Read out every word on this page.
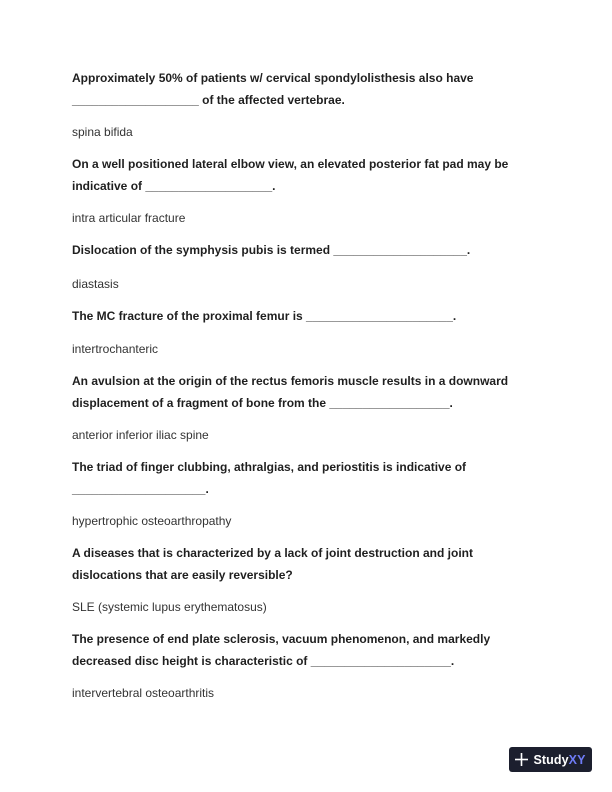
Approximately 50% of patients w/ cervical spondylolisthesis also have
___________________ of the affected vertebrae.

spina bifida

On a well positioned lateral elbow view, an elevated posterior fat pad may be
indicative of ___________________.

intra articular fracture

Dislocation of the symphysis pubis is termed ____________________.

diastasis

The MC fracture of the proximal femur is ______________________.

intertrochanteric

An avulsion at the origin of the rectus femoris muscle results in a downward
displacement of a fragment of bone from the __________________.

anterior inferior iliac spine

The triad of finger clubbing, athralgias, and periostitis is indicative of
____________________.

hypertrophic osteoarthropathy

A diseases that is characterized by a lack of joint destruction and joint
dislocations that are easily reversible?

SLE (systemic lupus erythematosus)

The presence of end plate sclerosis, vacuum phenomenon, and markedly
decreased disc height is characteristic of _____________________.

intervertebral osteoarthritis

StudyXY
